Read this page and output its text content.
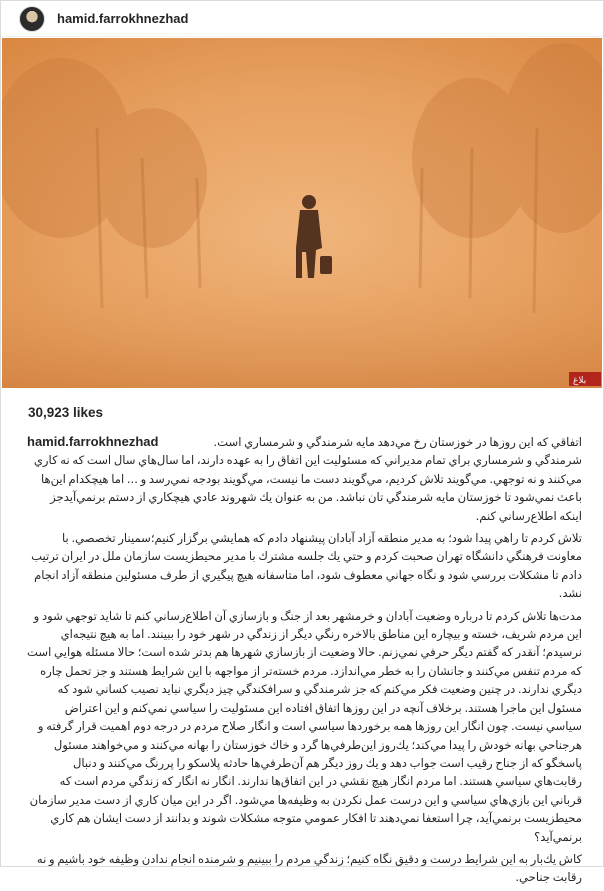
hamid.farrokhnezhad
بلاغ
30,923 likes
hamid.farrokhnezhad	اتفاقي كه اين روزها در خوزستان رخ مي‌دهد مايه شرمندگي و شرمساري است. شرمندگي و شرمساري براي تمام مديراني كه مسئوليت اين اتفاق را به عهده دارند، اما سال‌هاي سال است كه نه كاري مي‌كنند و نه توجهي. مي‌گويند تلاش كرديم، مي‌گويند دست ما نيست، مي‌گويند بودجه نمي‌رسد و ... اما هيچكدام اين‌ها باعث نمي‌شود تا خوزستان مايه شرمندگي تان نباشد. من به عنوان يك شهروند عادي هيچكاري از دستم برنمي‌آيدجز اينكه اطلاع‌رساني كنم.

تلاش كردم تا راهي پيدا شود؛ به مدير منطقه آزاد آبادان پيشنهاد دادم كه همايشي برگزار كنيم؛سمينار تخصصي. با معاونت فرهنگي دانشگاه تهران صحبت كردم و حتي يك جلسه مشترك با مدير محيطزيست سازمان ملل در ايران ترتيب دادم تا مشكلات بررسي شود و نگاه جهاني معطوف شود، اما متاسفانه هيچ پيگيري از طرف مسئولين منطقه آزاد انجام نشد.

مدت‌ها تلاش كردم تا درباره وضعيت آبادان و خرمشهر بعد از جنگ و بازسازي آن اطلاع‌رساني كنم تا شايد توجهي شود و اين مردم شريف، خسته و بيچاره اين مناطق بالاخره رنگي ديگر از زندگي در شهر خود را ببينند. اما به هيچ نتيجه‌اي نرسيدم؛ آنقدر كه گفتم ديگر حرفي نمي‌زنم. حالا وضعيت از بازسازي شهرها هم بدتر شده است؛ حالا مسئله هوايي است كه مردم تنفس مي‌كنند و جانشان را به خطر مي‌اندازد. مردم خسته‌تر از مواجهه با اين شرايط هستند و جز تحمل چاره ديگري ندارند. در چنين وضعيت فكر مي‌كنم كه جز شرمندگي و سرافكندگي چيز ديگري نبايد نصيب كساني شود كه مسئول اين ماجرا هستند. برخلاف آنچه در اين روزها اتفاق افتاده اين مسئوليت را سياسي نمي‌كنم و اين اعتراض سياسي نيست. چون انگار اين روزها همه برخوردها سياسي است و انگار صلاح مردم در درجه دوم اهميت قرار گرفته و هرجناحي بهانه خودش را پيدا مي‌كند؛ يك‌روز اين‌طرفي‌ها گرد و خاك خوزستان را بهانه مي‌كنند و مي‌خواهند مسئول پاسخگو كه از جناح رقيب است جواب دهد و يك روز ديگر هم آن‌طرفي‌ها حادثه پلاسكو را پررنگ مي‌كنند و دنبال رقابت‌هاي سياسي هستند. اما مردم انگار هيچ نقشي در اين اتفاق‌ها ندارند. انگار نه انگار كه زندگي مردم است كه قرباني اين بازي‌هاي سياسي و اين درست عمل نكردن به وظيفه‌ها مي‌شود. اگر در اين ميان كاري از دست مدير سازمان محيطزيست برنمي‌آيد، چرا استعفا نمي‌دهند تا افكار عمومي متوجه مشكلات شوند و بدانند از دست ايشان هم كاري برنمي‌آيد؟

كاش يك‌بار به اين شرايط درست و دقيق نگاه كنيم؛ زندگي مردم را ببينيم و شرمنده انجام ندادن وظيفه خود باشيم و نه رقابت جناحي.
